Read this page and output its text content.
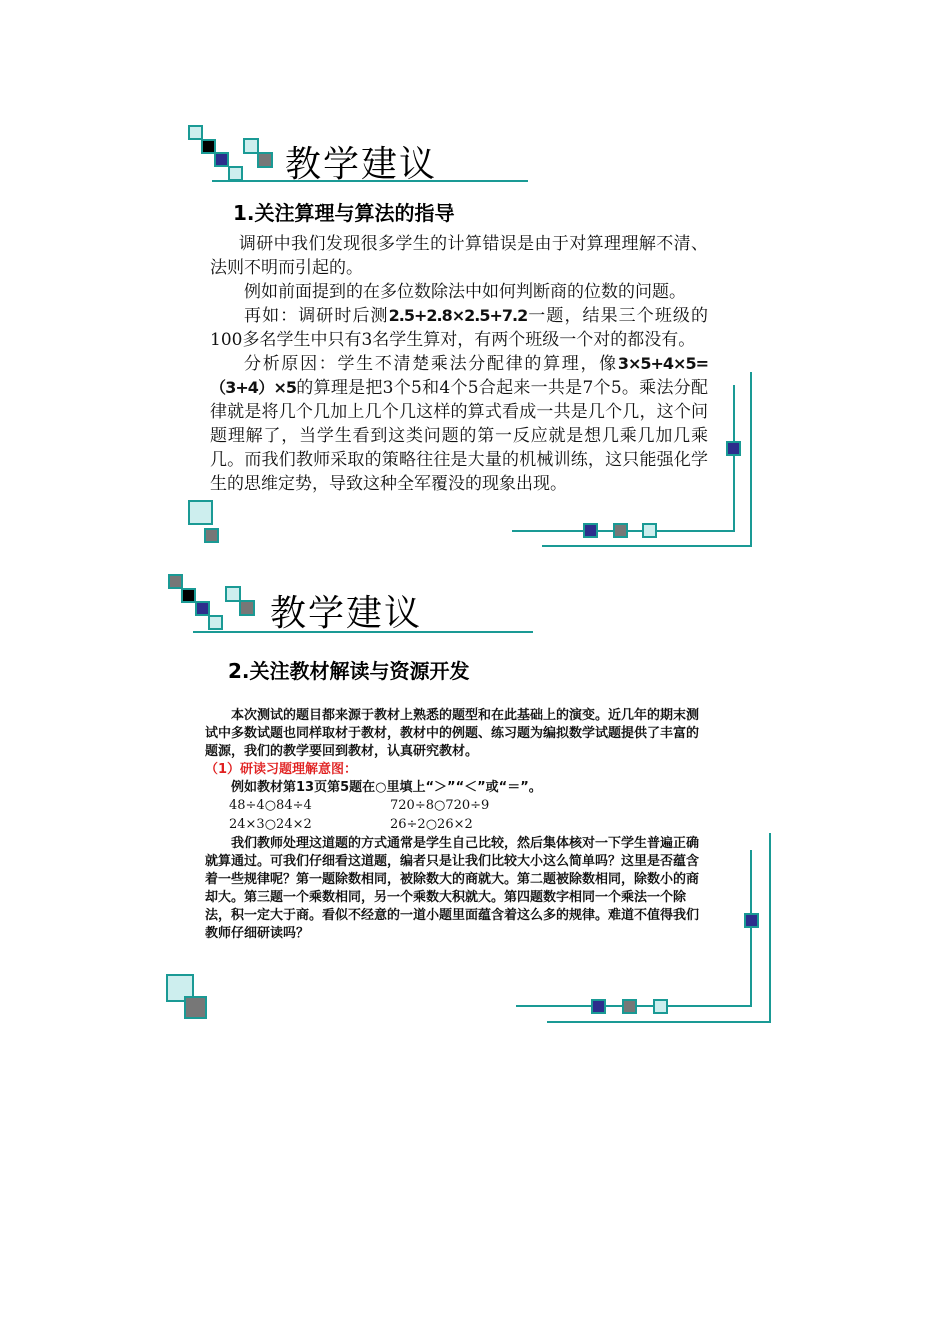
教学建议
1.关注算理与算法的指导

调研中我们发现很多学生的计算错误是由于对算理理解不清、法则不明而引起的。

例如前面提到的在多位数除法中如何判断商的位数的问题。

再如：调研时后测2.5+2.8×2.5+7.2一题，结果三个班级的100多名学生中只有3名学生算对，有两个班级一个对的都没有。

分析原因：学生不清楚乘法分配律的算理，像3×5+4×5=（3+4）×5的算理是把3个5和4个5合起来一共是7个5。乘法分配律就是将几个几加上几个几这样的算式看成一共是几个几，这个问题理解了，当学生看到这类问题的第一反应就是想几乘几加几乘几。而我们教师采取的策略往往是大量的机械训练，这只能强化学生的思维定势，导致这种全军覆没的现象出现。

教学建议
2.关注教材解读与资源开发

本次测试的题目都来源于教材上熟悉的题型和在此基础上的演变。近几年的期末测试中多数试题也同样取材于教材，教材中的例题、练习题为编拟数学试题提供了丰富的题源，我们的教学要回到教材，认真研究教材。

（1）研读习题理解意图：

例如教材第13页第5题在○里填上“＞”“＜”或“＝”。

48÷4○84÷4	720÷8○720÷9
24×3○24×2	26÷2○26×2

我们教师处理这道题的方式通常是学生自己比较，然后集体核对一下学生普遍正确就算通过。可我们仔细看这道题，编者只是让我们比较大小这么简单吗？这里是否蕴含着一些规律呢？第一题除数相同，被除数大的商就大。第二题被除数相同，除数小的商却大。第三题一个乘数相同，另一个乘数大积就大。第四题数字相同一个乘法一个除法，积一定大于商。看似不经意的一道小题里面蕴含着这么多的规律。难道不值得我们教师仔细研读吗？
